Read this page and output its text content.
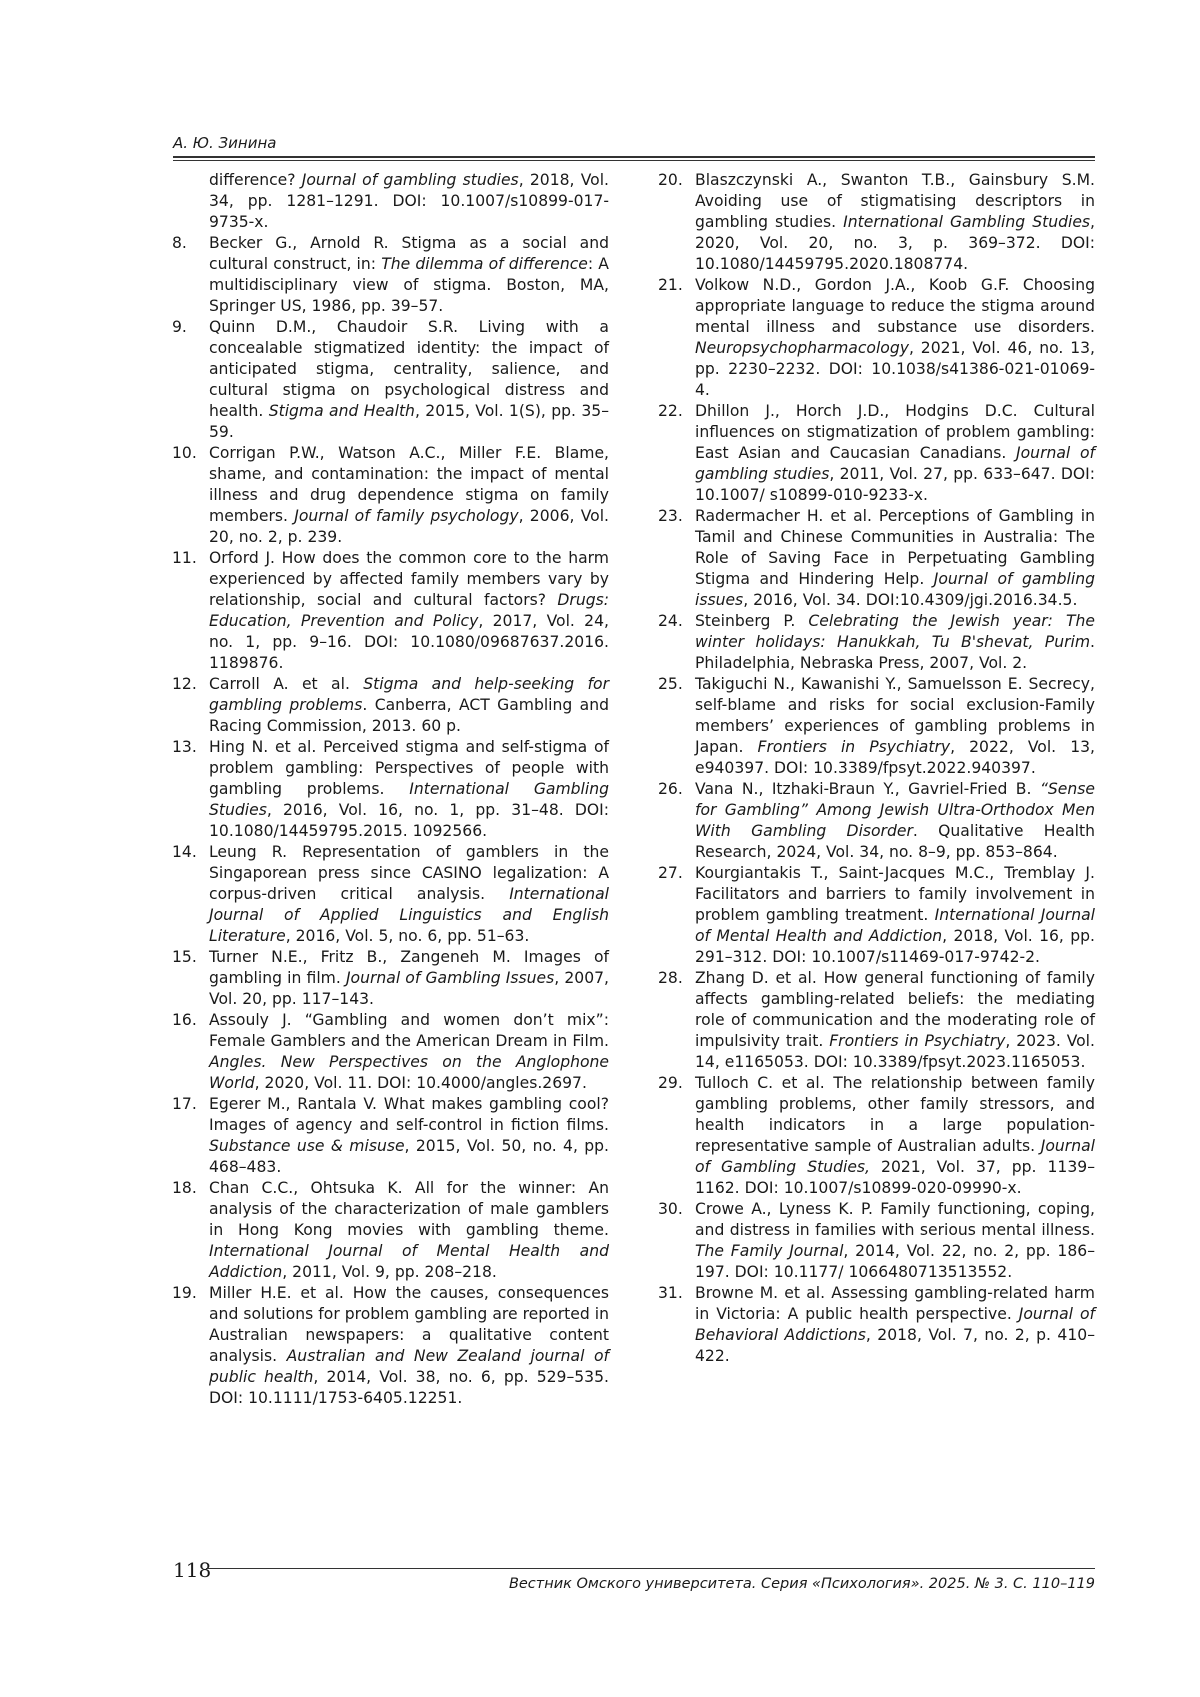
А. Ю. Зинина

difference? Journal of gambling studies, 2018, Vol. 34, pp. 1281–1291. DOI: 10.1007/s10899-017-9735-x.

8. Becker G., Arnold R. Stigma as a social and cultural construct, in: The dilemma of difference: A multidisciplinary view of stigma. Boston, MA, Springer US, 1986, pp. 39–57.

9. Quinn D.M., Chaudoir S.R. Living with a concealable stigmatized identity: the impact of anticipated stigma, centrality, salience, and cultural stigma on psychological distress and health. Stigma and Health, 2015, Vol. 1(S), pp. 35–59.

10. Corrigan P.W., Watson A.C., Miller F.E. Blame, shame, and contamination: the impact of mental illness and drug dependence stigma on family members. Journal of family psychology, 2006, Vol. 20, no. 2, p. 239.

11. Orford J. How does the common core to the harm experienced by affected family members vary by relationship, social and cultural factors? Drugs: Education, Prevention and Policy, 2017, Vol. 24, no. 1, pp. 9–16. DOI: 10.1080/09687637.2016. 1189876.

12. Carroll A. et al. Stigma and help-seeking for gambling problems. Canberra, ACT Gambling and Racing Commission, 2013. 60 p.

13. Hing N. et al. Perceived stigma and self-stigma of problem gambling: Perspectives of people with gambling problems. International Gambling Studies, 2016, Vol. 16, no. 1, pp. 31–48. DOI: 10.1080/14459795.2015. 1092566.

14. Leung R. Representation of gamblers in the Singaporean press since CASINO legalization: A corpus-driven critical analysis. International Journal of Applied Linguistics and English Literature, 2016, Vol. 5, no. 6, pp. 51–63.

15. Turner N.E., Fritz B., Zangeneh M. Images of gambling in film. Journal of Gambling Issues, 2007, Vol. 20, pp. 117–143.

16. Assouly J. “Gambling and women don’t mix”: Female Gamblers and the American Dream in Film. Angles. New Perspectives on the Anglophone World, 2020, Vol. 11. DOI: 10.4000/angles.2697.

17. Egerer M., Rantala V. What makes gambling cool? Images of agency and self-control in fiction films. Substance use & misuse, 2015, Vol. 50, no. 4, pp. 468–483.

18. Chan C.C., Ohtsuka K. All for the winner: An analysis of the characterization of male gamblers in Hong Kong movies with gambling theme. International Journal of Mental Health and Addiction, 2011, Vol. 9, pp. 208–218.

19. Miller H.E. et al. How the causes, consequences and solutions for problem gambling are reported in Australian newspapers: a qualitative content analysis. Australian and New Zealand journal of public health, 2014, Vol. 38, no. 6, pp. 529–535. DOI: 10.1111/1753-6405.12251.

20. Blaszczynski A., Swanton T.B., Gainsbury S.M. Avoiding use of stigmatising descriptors in gambling studies. International Gambling Studies, 2020, Vol. 20, no. 3, p. 369–372. DOI: 10.1080/14459795.2020.1808774.

21. Volkow N.D., Gordon J.A., Koob G.F. Choosing appropriate language to reduce the stigma around mental illness and substance use disorders. Neuropsychopharmacology, 2021, Vol. 46, no. 13, pp. 2230–2232. DOI: 10.1038/s41386-021-01069-4.

22. Dhillon J., Horch J.D., Hodgins D.C. Cultural influences on stigmatization of problem gambling: East Asian and Caucasian Canadians. Journal of gambling studies, 2011, Vol. 27, pp. 633–647. DOI: 10.1007/ s10899-010-9233-x.

23. Radermacher H. et al. Perceptions of Gambling in Tamil and Chinese Communities in Australia: The Role of Saving Face in Perpetuating Gambling Stigma and Hindering Help. Journal of gambling issues, 2016, Vol. 34. DOI:10.4309/jgi.2016.34.5.

24. Steinberg P. Celebrating the Jewish year: The winter holidays: Hanukkah, Tu B'shevat, Purim. Philadelphia, Nebraska Press, 2007, Vol. 2.

25. Takiguchi N., Kawanishi Y., Samuelsson E. Secrecy, self-blame and risks for social exclusion-Family members’ experiences of gambling problems in Japan. Frontiers in Psychiatry, 2022, Vol. 13, e940397. DOI: 10.3389/fpsyt.2022.940397.

26. Vana N., Itzhaki-Braun Y., Gavriel-Fried B. “Sense for Gambling” Among Jewish Ultra-Orthodox Men With Gambling Disorder. Qualitative Health Research, 2024, Vol. 34, no. 8–9, pp. 853–864.

27. Kourgiantakis T., Saint-Jacques M.C., Tremblay J. Facilitators and barriers to family involvement in problem gambling treatment. International Journal of Mental Health and Addiction, 2018, Vol. 16, pp. 291–312. DOI: 10.1007/s11469-017-9742-2.

28. Zhang D. et al. How general functioning of family affects gambling-related beliefs: the mediating role of communication and the moderating role of impulsivity trait. Frontiers in Psychiatry, 2023. Vol. 14, e1165053. DOI: 10.3389/fpsyt.2023.1165053.

29. Tulloch C. et al. The relationship between family gambling problems, other family stressors, and health indicators in a large population-representative sample of Australian adults. Journal of Gambling Studies, 2021, Vol. 37, pp. 1139–1162. DOI: 10.1007/s10899-020-09990-x.

30. Crowe A., Lyness K. P. Family functioning, coping, and distress in families with serious mental illness. The Family Journal, 2014, Vol. 22, no. 2, pp. 186–197. DOI: 10.1177/ 1066480713513552.

31. Browne M. et al. Assessing gambling-related harm in Victoria: A public health perspective. Journal of Behavioral Addictions, 2018, Vol. 7, no. 2, p. 410–422.

118
Вестник Омского университета. Серия «Психология». 2025. № 3. С. 110–119
